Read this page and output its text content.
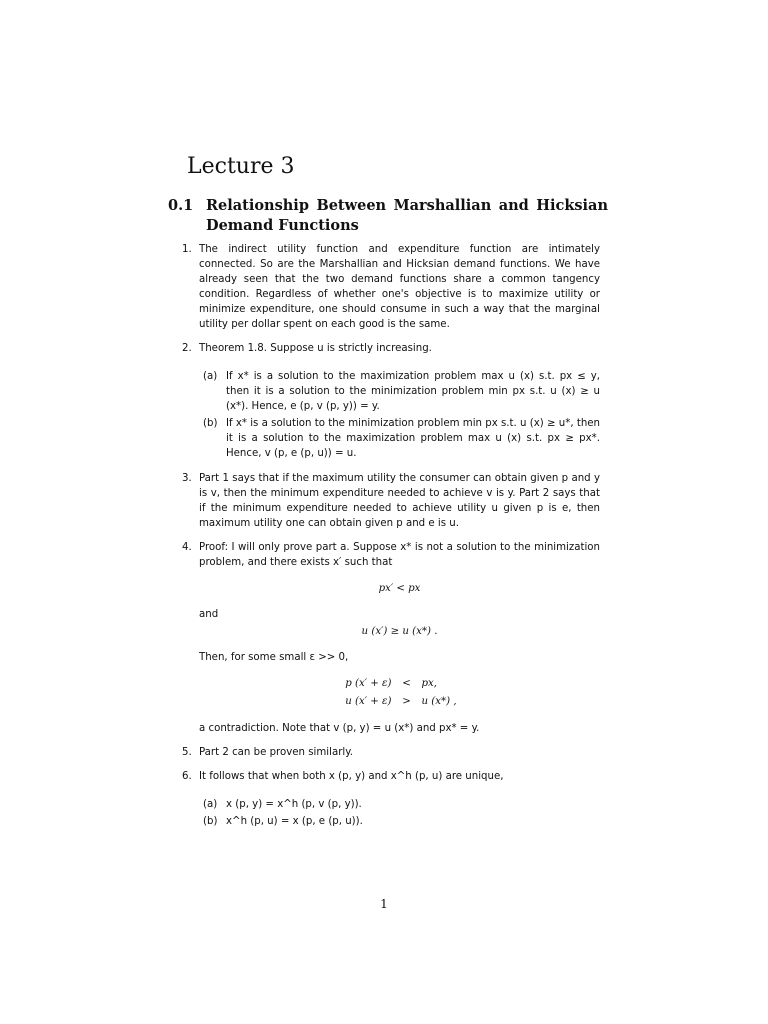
Lecture 3
0.1 Relationship Between Marshallian and Hicksian Demand Functions
1. The indirect utility function and expenditure function are intimately connected. So are the Marshallian and Hicksian demand functions. We have already seen that the two demand functions share a common tangency condition. Regardless of whether one's objective is to maximize utility or minimize expenditure, one should consume in such a way that the marginal utility per dollar spent on each good is the same.

2. Theorem 1.8. Suppose u is strictly increasing.

(a) If x* is a solution to the maximization problem max u (x) s.t. px ≤ y, then it is a solution to the minimization problem min px s.t. u (x) ≥ u (x*). Hence, e (p, v (p, y)) = y.

(b) If x* is a solution to the minimization problem min px s.t. u (x) ≥ u*, then it is a solution to the maximization problem max u (x) s.t. px ≥ px*. Hence, v (p, e (p, u)) = u.

3. Part 1 says that if the maximum utility the consumer can obtain given p and y is v, then the minimum expenditure needed to achieve v is y. Part 2 says that if the minimum expenditure needed to achieve utility u given p is e, then maximum utility one can obtain given p and e is u.

4. Proof: I will only prove part a. Suppose x* is not a solution to the minimization problem, and there exists x′ such that

px′ < px

and

u (x′) ≥ u (x*) .

Then, for some small ε >> 0,

p (x′ + ε)	<	px,
u (x′ + ε)	>	u (x*) ,

a contradiction. Note that v (p, y) = u (x*) and px* = y.

5. Part 2 can be proven similarly.

6. It follows that when both x (p, y) and x^h (p, u) are unique,

(a) x (p, y) = x^h (p, v (p, y)).

(b) x^h (p, u) = x (p, e (p, u)).

1
